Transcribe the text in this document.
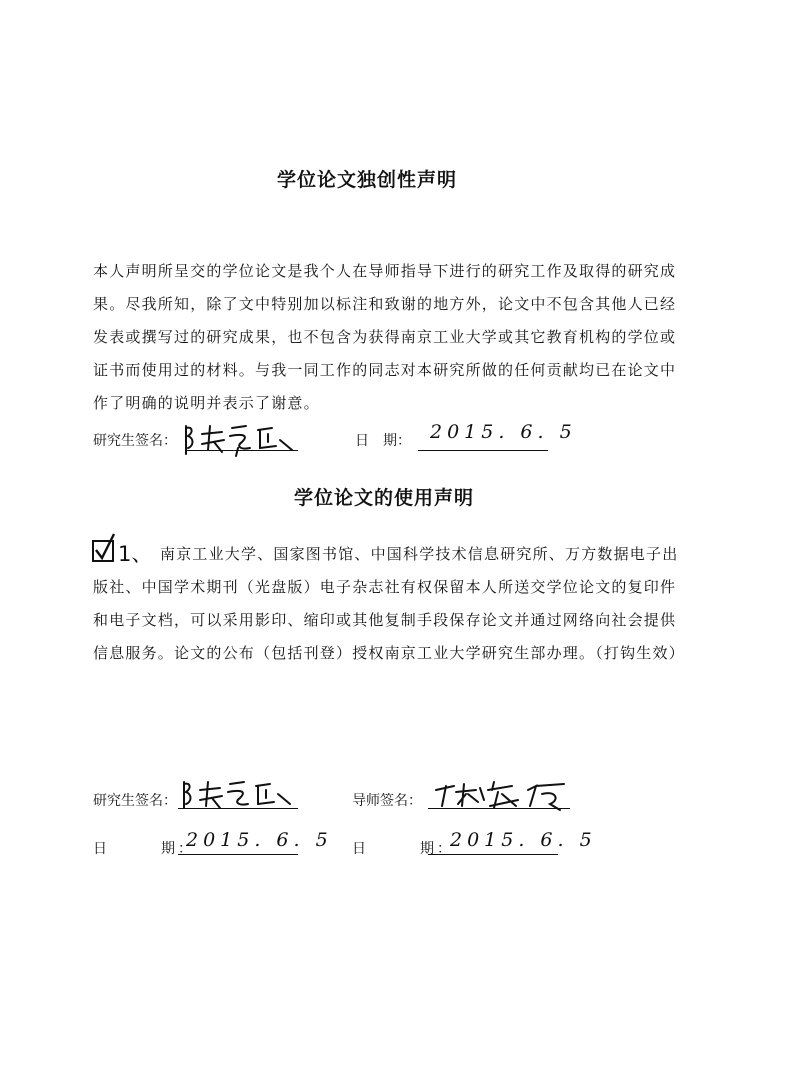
学位论文独创性声明
本人声明所呈交的学位论文是我个人在导师指导下进行的研究工作及取得的研究成果。尽我所知，除了文中特别加以标注和致谢的地方外，论文中不包含其他人已经发表或撰写过的研究成果，也不包含为获得南京工业大学或其它教育机构的学位或证书而使用过的材料。与我一同工作的同志对本研究所做的任何贡献均已在论文中作了明确的说明并表示了谢意。
研究生签名：	日　期： 2015. 6. 5
学位论文的使用声明
1、 南京工业大学、国家图书馆、中国科学技术信息研究所、万方数据电子出版社、中国学术期刊（光盘版）电子杂志社有权保留本人所送交学位论文的复印件和电子文档，可以采用影印、缩印或其他复制手段保存论文并通过网络向社会提供信息服务。论文的公布（包括刊登）授权南京工业大学研究生部办理。（打钩生效）
研究生签名：	导师签名：
日　　　期：
2015. 6. 5 日　　　期：
2015. 6. 5
